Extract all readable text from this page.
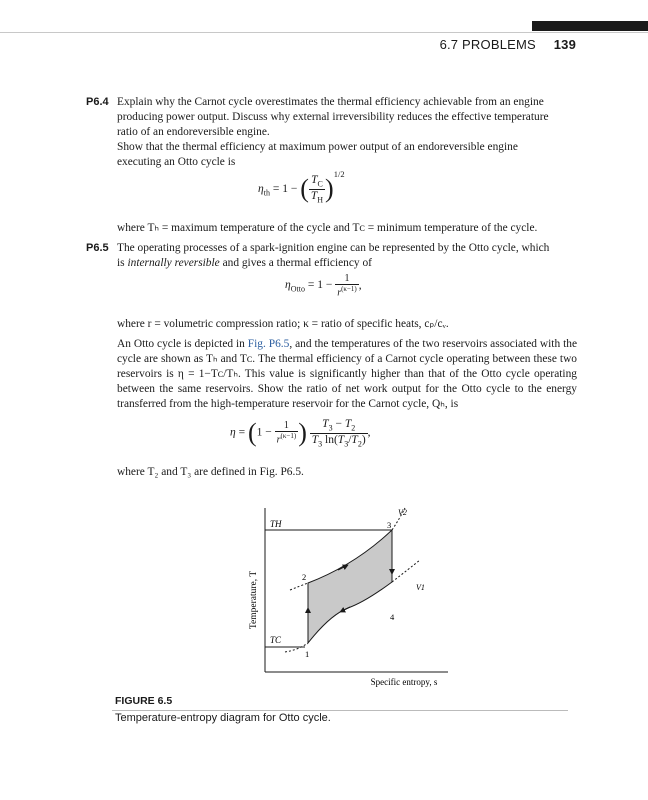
6.7 PROBLEMS 139
P6.4 Explain why the Carnot cycle overestimates the thermal efficiency achievable from an engine
producing power output. Discuss why external irreversibility reduces the effective temperature
ratio of an endoreversible engine.
Show that the thermal efficiency at maximum power output of an endoreversible engine
executing an Otto cycle is
$\eta_{th} = 1$ − ( $\frac{T_C}{T_H} )^{1/2}$
where Tₕ = maximum temperature of the cycle and Tᴄ = minimum temperature of the cycle.
P6.5 The operating processes of a spark-ignition engine can be represented by the Otto cycle, which
is internally reversible and gives a thermal efficiency of
$\eta_{Otto} = 1 - \frac{1}{r^{(\kappa-1)}}$ ,
where r = volumetric compression ratio; κ = ratio of specific heats, cₚ/cᵥ.
An Otto cycle is depicted in Fig. P6.5, and the temperatures of the two reservoirs associated with the cycle are shown as Tₕ and Tᴄ. The thermal efficiency of a Carnot cycle operating between these two reservoirs is η = 1−Tᴄ/Tₕ. This value is significantly higher than that of the Otto cycle operating between the same reservoirs. Show the ratio of net work output for the Otto cycle to the energy transferred from the high-temperature reservoir for the Carnot cycle, Qₕ, is
$\eta = (1 - \frac{1}{r^{(\kappa-1)}}$ ) $\frac{T_3 - T_2}{T_3 \ln(T_3/T_2)}$ ,
where T₂ and T₃ are defined in Fig. P6.5.
Temperature, T
Specific entropy, s
TH
TC
1
2
3
4
V2
V1
FIGURE 6.5
Temperature-entropy diagram for Otto cycle.
